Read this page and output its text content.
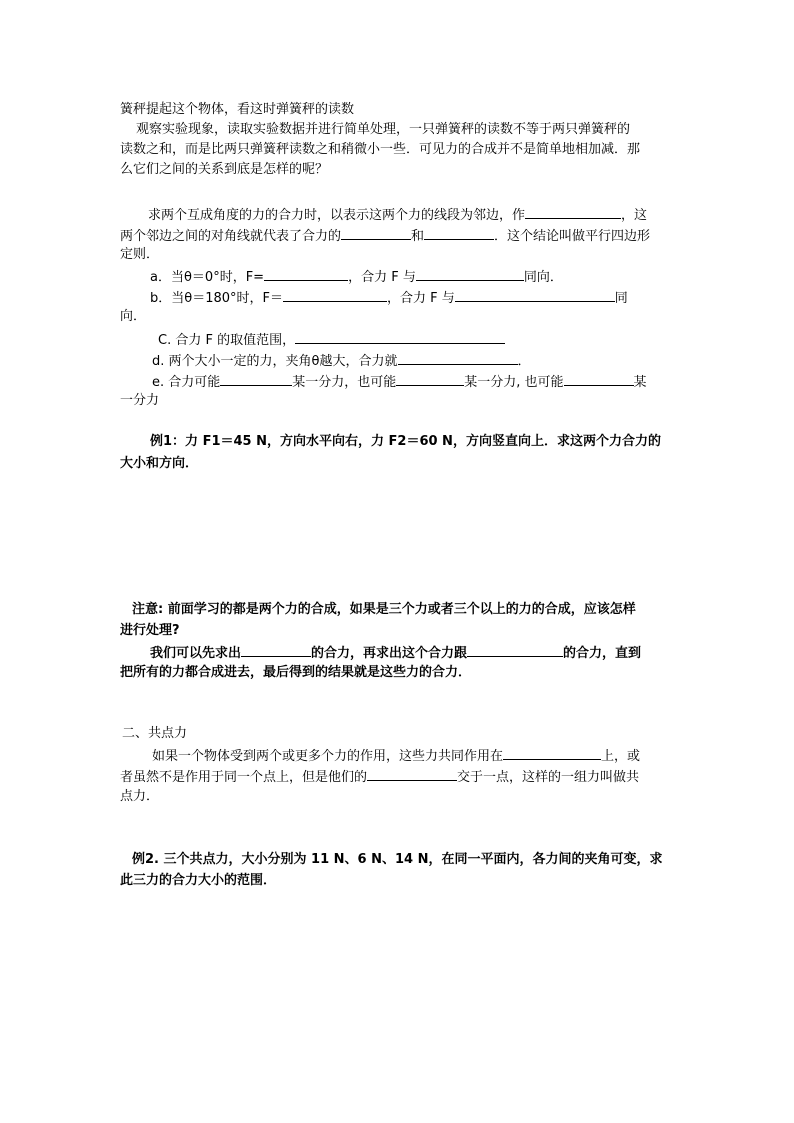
簧秤提起这个物体，看这时弹簧秤的读数
观察实验现象，读取实验数据并进行简单处理，一只弹簧秤的读数不等于两只弹簧秤的
读数之和，而是比两只弹簧秤读数之和稍微小一些．可见力的合成并不是简单地相加减．那
么它们之间的关系到底是怎样的呢？
求两个互成角度的力的合力时，以表示这两个力的线段为邻边，作	，这
两个邻边之间的对角线就代表了合力的	和	．这个结论叫做平行四边形
定则．
a．当θ＝0°时，F=	，合力 F 与	同向．
b．当θ＝180°时，F＝	，合力 F 与	同
向．
C. 合力 F 的取值范围，
d. 两个大小一定的力，夹角θ越大，合力就	．
e. 合力可能	某一分力，也可能	某一分力, 也可能	某
一分力
例1：力 F1＝45 N，方向水平向右，力 F2＝60 N，方向竖直向上．求这两个力合力的
大小和方向．
注意: 前面学习的都是两个力的合成，如果是三个力或者三个以上的力的合成，应该怎样
进行处理?
我们可以先求出	的合力，再求出这个合力跟	的合力，直到
把所有的力都合成进去，最后得到的结果就是这些力的合力．
二、共点力
如果一个物体受到两个或更多个力的作用，这些力共同作用在	上，或
者虽然不是作用于同一个点上，但是他们的	交于一点，这样的一组力叫做共
点力．
例2. 三个共点力，大小分别为 11 N、6 N、14 N，在同一平面内，各力间的夹角可变，求
此三力的合力大小的范围．
